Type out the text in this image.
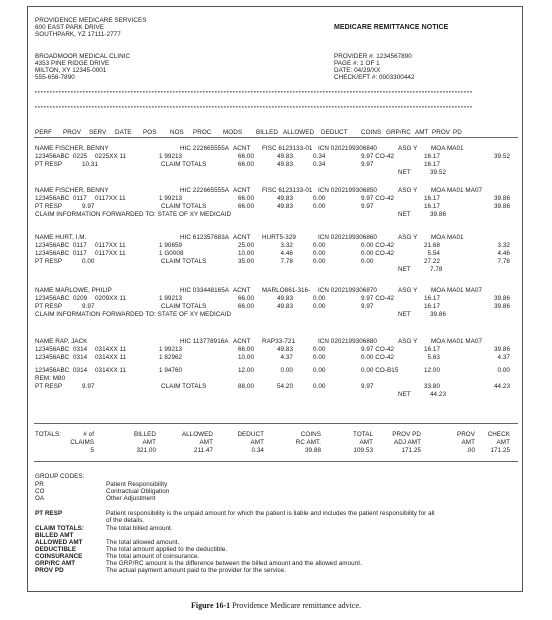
PROVIDENCE MEDICARE SERVICES
600 EAST PARK DRIVE
SOUTHPARK, YZ 17111-2777
MEDICARE REMITTANCE NOTICE
BROADMOOR MEDICAL CLINIC
4353 PINE RIDGE DRIVE
MILTON, XY 12345-0001
555-656-7890
PROVIDER #: 1234567890
PAGE #: 1 OF 1
DATE: 04/29/XX
CHECK/EFT #: 0003300442
**************************************************************************************************************************************************
**************************************************************************************************************************************************
PERF PROV SERV DATE POS NOS PROC MODS BILLED ALLOWED DEDUCT COINS GRP/RC AMT PROV PD
NAME FISCHER, BENNY	HIC 222665555A ACNT FISC 6123133-01 ICN 0202199306840	ASG Y MOA MA01
123456ABC 0225 0225XX 11	1 99213	66.00	49.83	0.34	9.97 CO-42	16.17	39.52
PT RESP	10.31	CLAIM TOTALS	66.00	49.83	0.34	9.97	16.17
NET	39.52
NAME FISCHER, BENNY	HIC 222665555A ACNT FISC 6123133-01 ICN 0202199306850	ASG Y MOA MA01 MA07
123456ABC 0117 0117XX 11	1 99213	66.00	49.83	0.00	9.97 CO-42	16.17	39.86
PT RESP	9.97	CLAIM TOTALS	66.00	49.83	0.00	9.97	16.17	39.86
CLAIM INFORMATION FORWARDED TO: STATE OF XY MEDICAID	NET	39.86
NAME HURT, I.M.	HIC 612357683A ACNT HURT5-329	ICN 0202199306860	ASG Y MOA MA01
123456ABC 0117 0117XX 11	1 90659	25.00	3.32	0.00	0.00 CO-42	21.68	3.32
123456ABC 0117 0117XX 11	1 G0008	10.00	4.46	0.00	0.00 CO-42	5.54	4.46
PT RESP	0.00	CLAIM TOTALS	35.00	7.78	0.00	0.00	27.22	7.78
NET	7.78
NAME MARLOWE, PHILIP	HIC 033448165A ACNT MARLO861-316- ICN 0202199306870	ASG Y MOA MA01 MA07
123456ABC 0209 0209XX 11	1 99213	66.00	49.83	0.00	9.97 CO-42	16.17	39.86
PT RESP	9.97	CLAIM TOTALS	66.00	49.83	0.00	9.97	16.17	39.86
CLAIM INFORMATION FORWARDED TO: STATE OF XY MEDICAID	NET	39.86
NAME RAP, JACK	HIC 113778916A ACNT RAP33-721	ICN 0202199306880	ASG Y MOA MA01 MA07
123456ABC 0314 0314XX 11	1 99213	66.00	49.83	0.00	9.97 CO-42	16.17	39.86
123456ABC 0314 0314XX 11	1 82962	10.00	4.37	0.00	0.00 CO-42	5.63	4.37
123456ABC 0314 0314XX 11	1 94760	12.00	0.00	0.00	0.00 CO-B15	12.00	0.00
REM: M80
PT RESP	9.97	CLAIM TOTALS	88.00	54.20	0.00	9.97	33.80	44.23
NET	44.23
TOTALS:	# of	BILLED	ALLOWED	DEDUCT	COINS	TOTAL	PROV PD	PROV	CHECK
CLAIMS	AMT	AMT	AMT	RC AMT.	AMT	ADJ AMT	AMT	AMT
5	321.00	211.47	0.34	39.88	109.53	171.25	.00	171.25
GROUP CODES:
PR	Patient Responsibility
CO	Contractual Obligation
OA	Other Adjustment
PT RESP	Patient responsibility is the unpaid amount for which the patient is liable and includes the patient responsibility for all
of the details.
CLAIM TOTALS:	The total billed amount.
BILLED AMT
ALLOWED AMT	The total allowed amount.
DEDUCTIBLE	The total amount applied to the deductible.
COINSURANCE	The total amount of coinsurance.
GRP/RC AMT	The GRP/RC amount is the difference between the billed amount and the allowed amount.
PROV PD	The actual payment amount paid to the provider for the service.
Figure 16-1 Providence Medicare remittance advice.
